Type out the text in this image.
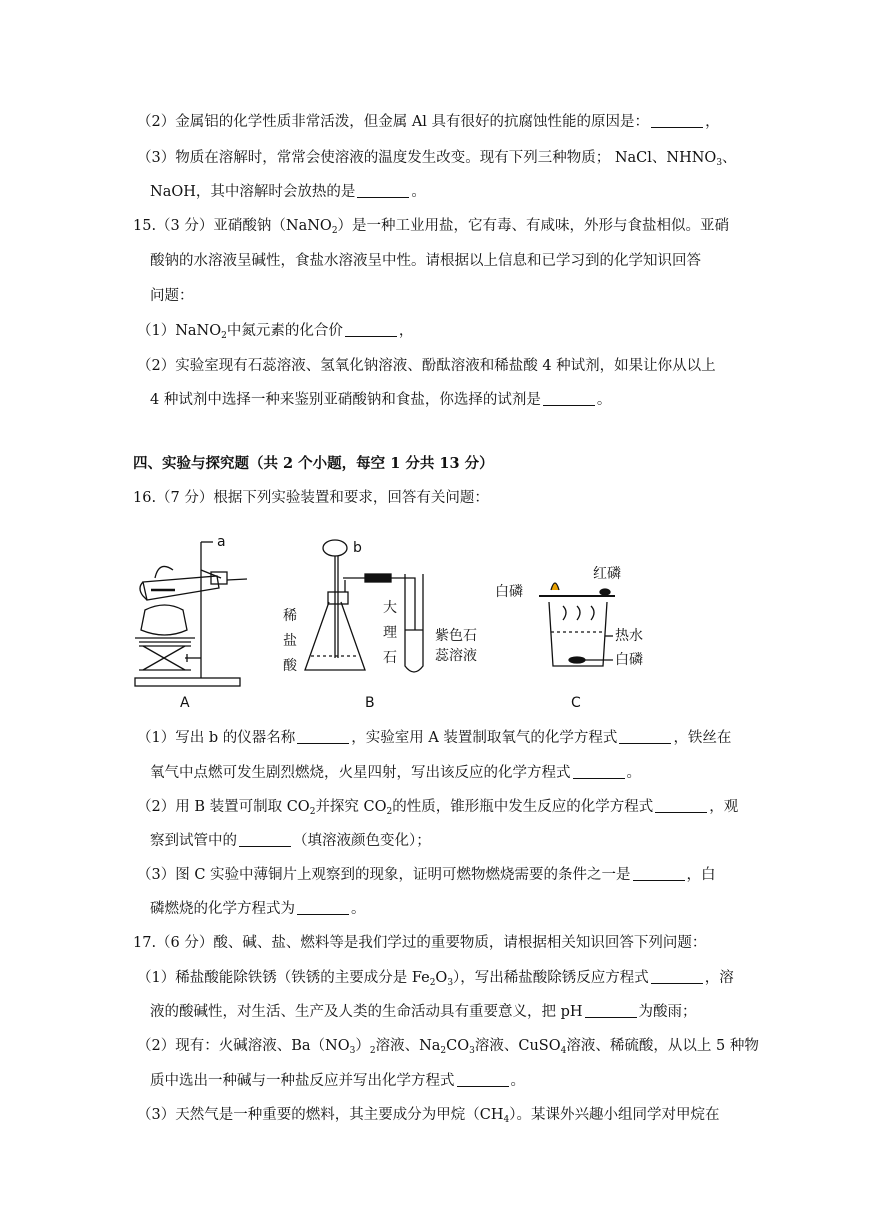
（2）金属铝的化学性质非常活泼，但金属 Al 具有很好的抗腐蚀性能的原因是：	，
（3）物质在溶解时，常常会使溶液的温度发生改变。现有下列三种物质； NaCl、$NHNO_3$、
NaOH，其中溶解时会放热的是	。
15.（3 分）亚硝酸钠（NaNO$_2$）是一种工业用盐，它有毒、有咸味，外形与食盐相似。亚硝
酸钠的水溶液呈碱性，食盐水溶液呈中性。请根据以上信息和已学习到的化学知识回答
问题：
（1）NaNO$_2$中氮元素的化合价	，
（2）实验室现有石蕊溶液、氢氧化钠溶液、酚酞溶液和稀盐酸 4 种试剂，如果让你从以上
4 种试剂中选择一种来鉴别亚硝酸钠和食盐，你选择的试剂是	。
四、实验与探究题（共 2 个小题，每空 1 分共 13 分）
16.（7 分）根据下列实验装置和要求，回答有关问题：
a
A
b
稀
盐
酸
大
理
石
紫色石
蕊溶液
B
白磷
红磷
热水
白磷
C
（1）写出 b 的仪器名称	，实验室用 A 装置制取氧气的化学方程式	，铁丝在
氧气中点燃可发生剧烈燃烧，火星四射，写出该反应的化学方程式	。
（2）用 B 装置可制取 $CO_2$并探究 $CO_2$的性质，锥形瓶中发生反应的化学方程式	，观
察到试管中的	（填溶液颜色变化）；
（3）图 C 实验中薄铜片上观察到的现象，证明可燃物燃烧需要的条件之一是	，白
磷燃烧的化学方程式为	。
17.（6 分）酸、碱、盐、燃料等是我们学过的重要物质，请根据相关知识回答下列问题：
（1）稀盐酸能除铁锈（铁锈的主要成分是 $Fe_2O_3$），写出稀盐酸除锈反应方程式	，溶
液的酸碱性，对生活、生产及人类的生命活动具有重要意义，把 pH	为酸雨；
（2）现有：火碱溶液、$Ba(NO_3)_2$溶液、$Na_2CO_3$溶液、CuSO$_4$溶液、稀硫酸，从以上 5 种物
质中选出一种碱与一种盐反应并写出化学方程式	。
（3）天然气是一种重要的燃料，其主要成分为甲烷$(CH_4)$。某课外兴趣小组同学对甲烷在
